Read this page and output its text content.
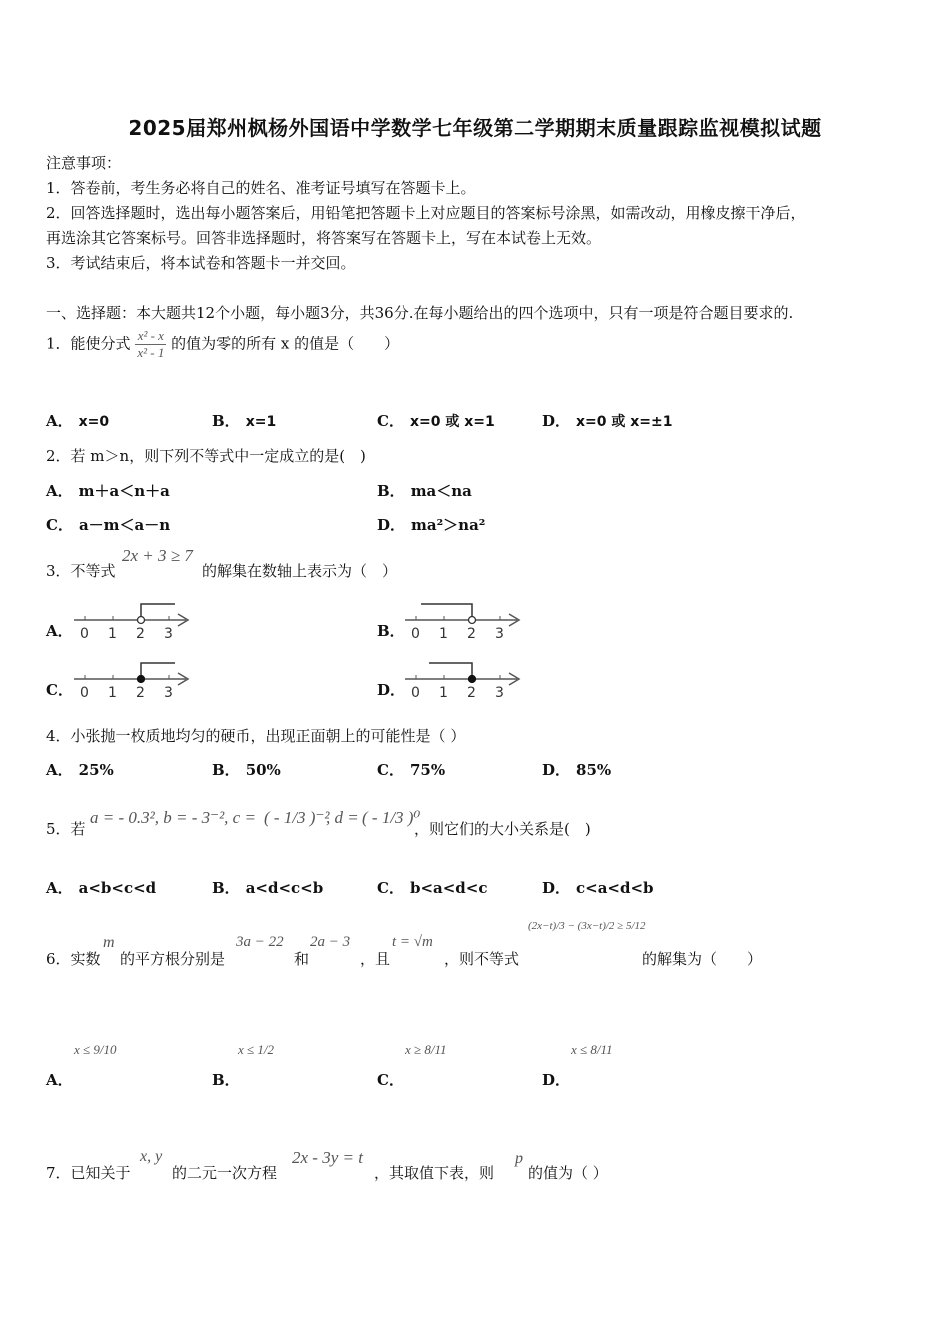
2025届郑州枫杨外国语中学数学七年级第二学期期末质量跟踪监视模拟试题
注意事项：
1．答卷前，考生务必将自己的姓名、准考证号填写在答题卡上。
2．回答选择题时，选出每小题答案后，用铅笔把答题卡上对应题目的答案标号涂黑，如需改动，用橡皮擦干净后，
再选涂其它答案标号。回答非选择题时，将答案写在答题卡上，写在本试卷上无效。
3．考试结束后，将本试卷和答题卡一并交回。
一、选择题：本大题共12个小题，每小题3分，共36分.在每小题给出的四个选项中，只有一项是符合题目要求的.
1．能使分式 $\frac{\text{x² - x}}{\text{x² - 1}}$ 的值为零的所有 x 的值是（　　）
A． x=0	B． x=1	C． x=0 或 x=1	D． x=0 或 x=±1
2．若 m＞n，则下列不等式中一定成立的是(　)
A． m＋a＜n＋a	B． ma＜na
C． a－m＜a－n	D． ma²＞na²
3．不等式
2x + 3 ≥ 7
的解集在数轴上表示为（　）
A． 0 1 2 3	B． 0 1 2 3
C． 0 1 2 3	D． 0 1 2 3
4．小张抛一枚质地均匀的硬币，出现正面朝上的可能性是（ ）
A． 25%	B． 50%	C． 75%	D． 85%
5．若
a = - 0.3², b = - 3⁻², c = ( - 1/3 )⁻²
, d = ( - 1/3 )⁰
，则它们的大小关系是(　)
A． a<b<c<d	B． a<d<c<b	C． b<a<d<c	D． c<a<d<b
6．实数
m
的平方根分别是
3a − 22
和
2a − 3
，且
t = √m
，则不等式
(2x−t)/3 − (3x−t)/2 ≥ 5/12
的解集为（　　）
x ≤ 9/10
A．
x ≤ 1/2
B．
x ≥ 8/11
C．
x ≤ 8/11
D．
7．已知关于
x, y
的二元一次方程
2x - 3y = t
，其取值下表，则
p
的值为（ ）
